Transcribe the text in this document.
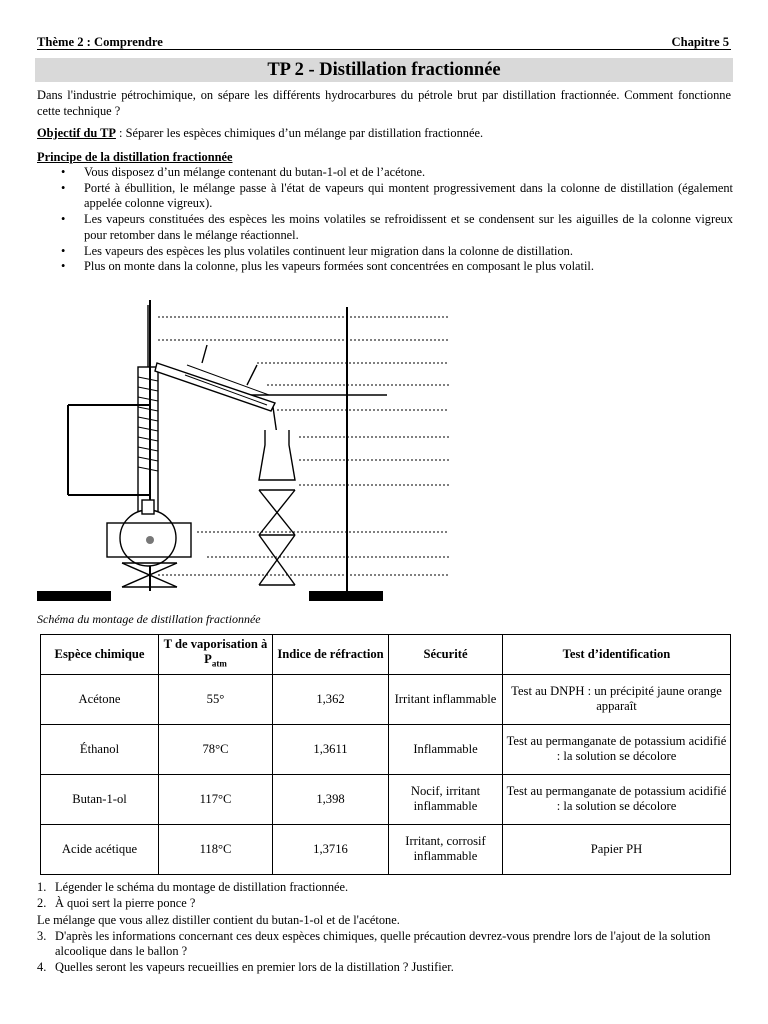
Thème 2 : Comprendre	Chapitre 5
TP 2 - Distillation fractionnée
Dans l'industrie pétrochimique, on sépare les différents hydrocarbures du pétrole brut par distillation fractionnée. Comment fonctionne cette technique ?
Objectif du TP : Séparer les espèces chimiques d’un mélange par distillation fractionnée.
Principe de la distillation fractionnée
• Vous disposez d’un mélange contenant du butan-1-ol et de l’acétone.
• Porté à ébullition, le mélange passe à l'état de vapeurs qui montent progressivement dans la colonne de distillation (également appelée colonne vigreux).
• Les vapeurs constituées des espèces les moins volatiles se refroidissent et se condensent sur les aiguilles de la colonne vigreux pour retomber dans le mélange réactionnel.
• Les vapeurs des espèces les plus volatiles continuent leur migration dans la colonne de distillation.
• Plus on monte dans la colonne, plus les vapeurs formées sont concentrées en composant le plus volatil.
Schéma du montage de distillation fractionnée
Espèce chimique	T de vaporisation à $P_{atm}$	Indice de réfraction	Sécurité	Test d’identification
Acétone	55°	1,362	Irritant inflammable	Test au DNPH : un précipité jaune orange apparaît
Éthanol	78°C	1,3611	Inflammable	Test au permanganate de potassium acidifié : la solution se décolore
Butan-1-ol	117°C	1,398	Nocif, irritant inflammable	Test au permanganate de potassium acidifié : la solution se décolore
Acide acétique	118°C	1,3716	Irritant, corrosif inflammable	Papier PH
1. Légender le schéma du montage de distillation fractionnée.
2. À quoi sert la pierre ponce ?
Le mélange que vous allez distiller contient du butan-1-ol et de l'acétone.
3. D'après les informations concernant ces deux espèces chimiques, quelle précaution devrez-vous prendre lors de l'ajout de la solution alcoolique dans le ballon ?
4. Quelles seront les vapeurs recueillies en premier lors de la distillation ? Justifier.
